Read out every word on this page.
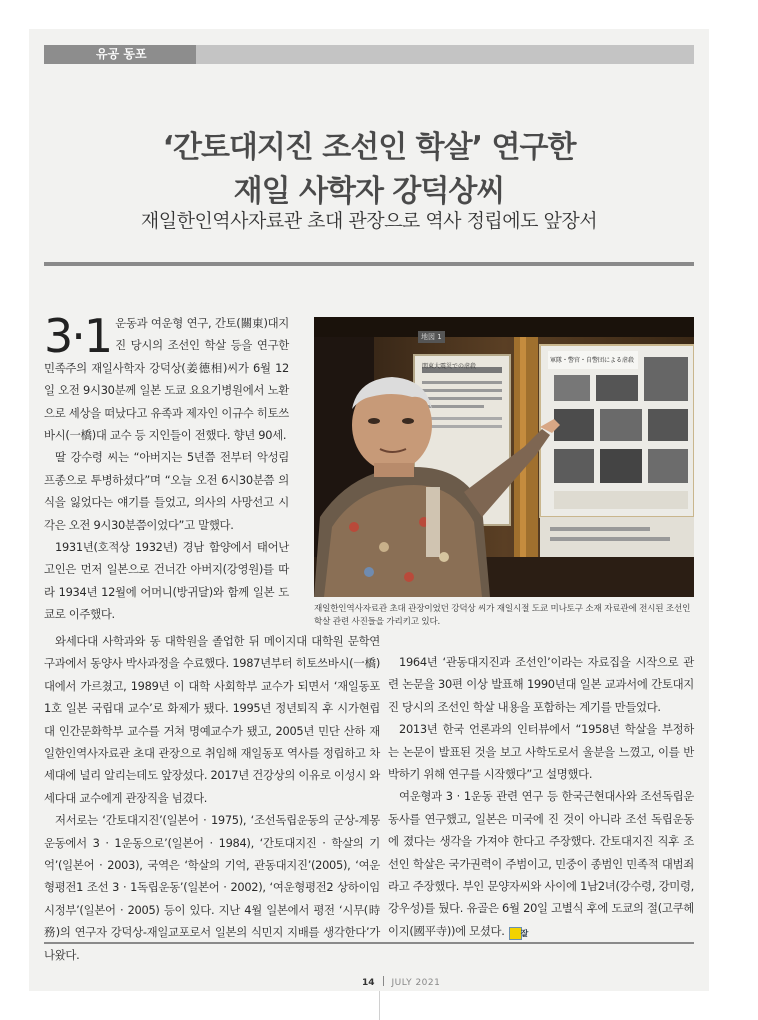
유공 동포
‘간토대지진 조선인 학살’ 연구한
재일 사학자 강덕상씨
재일한인역사자료관 초대 관장으로 역사 정립에도 앞장서

3·1 운동과 여운형 연구, 간토(關東)대지진 당시의 조선인 학살 등을 연구한 민족주의 재일사학자 강덕상(姜德相)씨가 6월 12일 오전 9시30분께 일본 도쿄 요요기병원에서 노환으로 세상을 떠났다고 유족과 제자인 이규수 히토쓰바시(一橋)대 교수 등 지인들이 전했다. 향년 90세.

딸 강수령 씨는 “아버지는 5년쯤 전부터 악성림프종으로 투병하셨다”며 “오늘 오전 6시30분쯤 의식을 잃었다는 얘기를 들었고, 의사의 사망선고 시각은 오전 9시30분쯤이었다”고 말했다.

1931년(호적상 1932년) 경남 함양에서 태어난 고인은 먼저 일본으로 건너간 아버지(강영원)를 따라 1934년 12월에 어머니(방귀달)와 함께 일본 도쿄로 이주했다.

関東大震災での虐殺
軍隊・警官・自警団による虐殺
地図 1
재일한인역사자료관 초대 관장이었던 강덕상 씨가 재일시절 도쿄 미나토구 소재 자료관에 전시된 조선인 학살 관련 사진들을 가리키고 있다.

와세다대 사학과와 동 대학원을 졸업한 뒤 메이지대 대학원 문학연구과에서 동양사 박사과정을 수료했다. 1987년부터 히토쓰바시(一橋)대에서 가르쳤고, 1989년 이 대학 사회학부 교수가 되면서 ‘재일동포 1호 일본 국립대 교수’로 화제가 됐다. 1995년 정년퇴직 후 시가현립대 인간문화학부 교수를 거쳐 명예교수가 됐고, 2005년 민단 산하 재일한인역사자료관 초대 관장으로 취임해 재일동포 역사를 정립하고 차세대에 널리 알리는데도 앞장섰다. 2017년 건강상의 이유로 이성시 와세다대 교수에게 관장직을 넘겼다.

저서로는 ‘간토대지진’(일본어 · 1975), ‘조선독립운동의 군상-계몽운동에서 3 · 1운동으로’(일본어 · 1984), ‘간토대지진 · 학살의 기억’(일본어 · 2003), 국역은 ‘학살의 기억, 관동대지진’(2005), ‘여운형평전1 조선 3 · 1독립운동’(일본어 · 2002), ‘여운형평전2 상하이임시정부’(일본어 · 2005) 등이 있다. 지난 4월 일본에서 평전 ‘시무(時務)의 연구자 강덕상-재일교포로서 일본의 식민지 지배를 생각한다’가 나왔다.

1964년 ‘관동대지진과 조선인’이라는 자료집을 시작으로 관련 논문을 30편 이상 발표해 1990년대 일본 교과서에 간토대지진 당시의 조선인 학살 내용을 포함하는 계기를 만들었다.

2013년 한국 언론과의 인터뷰에서 “1958년 학살을 부정하는 논문이 발표된 것을 보고 사학도로서 울분을 느꼈고, 이를 반박하기 위해 연구를 시작했다”고 설명했다.

여운형과 3 · 1운동 관련 연구 등 한국근현대사와 조선독립운동사를 연구했고, 일본은 미국에 진 것이 아니라 조선 독립운동에 졌다는 생각을 가져야 한다고 주장했다. 간토대지진 직후 조선인 학살은 국가권력이 주범이고, 민중이 종범인 민족적 대범죄라고 주장했다. 부인 문양자씨와 사이에 1남2녀(강수령, 강미령, 강우성)를 뒀다. 유골은 6월 20일 고별식 후에 도쿄의 절(고쿠헤이지(國平寺))에 모셨다. 잘

14 JULY 2021
